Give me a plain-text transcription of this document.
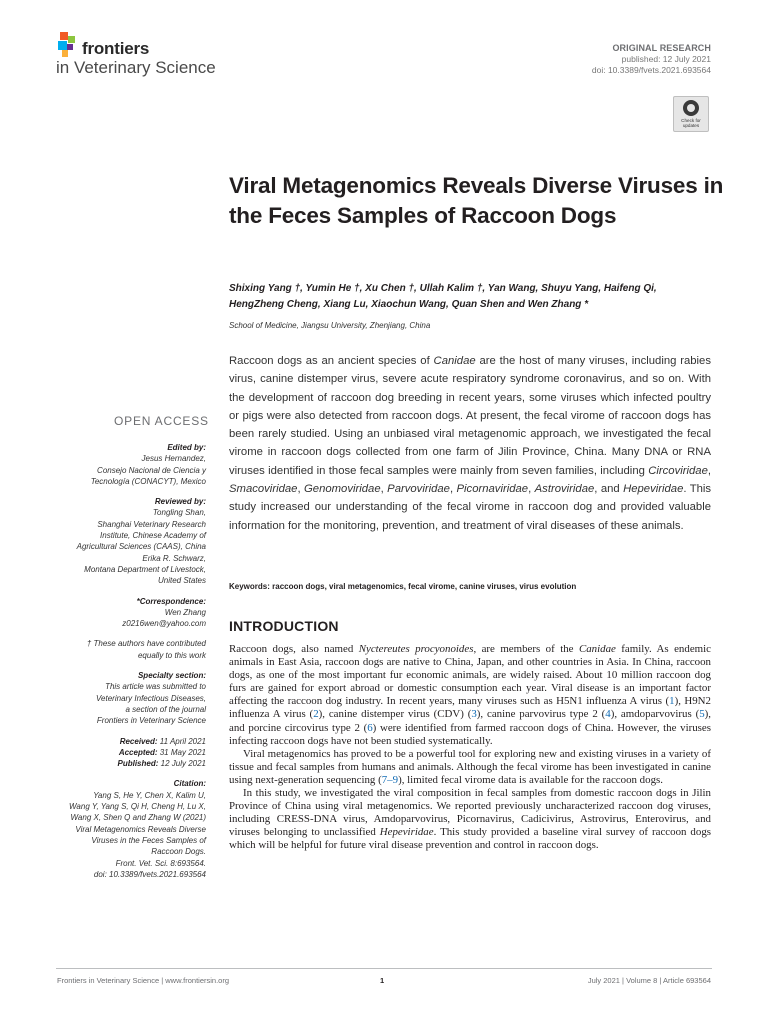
frontiers
in Veterinary Science
ORIGINAL RESEARCH
published: 12 July 2021
doi: 10.3389/fvets.2021.693564
Check for
updates
Viral Metagenomics Reveals Diverse Viruses in the Feces Samples of Raccoon Dogs
Shixing Yang †, Yumin He †, Xu Chen †, Ullah Kalim †, Yan Wang, Shuyu Yang, Haifeng Qi,
HengZheng Cheng, Xiang Lu, Xiaochun Wang, Quan Shen and Wen Zhang *
School of Medicine, Jiangsu University, Zhenjiang, China
Raccoon dogs as an ancient species of Canidae are the host of many viruses, including rabies virus, canine distemper virus, severe acute respiratory syndrome coronavirus, and so on. With the development of raccoon dog breeding in recent years, some viruses which infected poultry or pigs were also detected from raccoon dogs. At present, the fecal virome of raccoon dogs has been rarely studied. Using an unbiased viral metagenomic approach, we investigated the fecal virome in raccoon dogs collected from one farm of Jilin Province, China. Many DNA or RNA viruses identified in those fecal samples were mainly from seven families, including Circoviridae, Smacoviridae, Genomoviridae, Parvoviridae, Picornaviridae, Astroviridae, and Hepeviridae. This study increased our understanding of the fecal virome in raccoon dog and provided valuable information for the monitoring, prevention, and treatment of viral diseases of these animals.
Keywords: raccoon dogs, viral metagenomics, fecal virome, canine viruses, virus evolution
INTRODUCTION

Raccoon dogs, also named Nyctereutes procyonoides, are members of the Canidae family. As endemic animals in East Asia, raccoon dogs are native to China, Japan, and other countries in Asia. In China, raccoon dogs, as one of the most important fur economic animals, are widely raised. About 10 million raccoon dog furs are gained for export abroad or domestic consumption each year. Viral disease is an important factor affecting the raccoon dog industry. In recent years, many viruses such as H5N1 influenza A virus (1), H9N2 influenza A virus (2), canine distemper virus (CDV) (3), canine parvovirus type 2 (4), amdoparvovirus (5), and porcine circovirus type 2 (6) were identified from farmed raccoon dogs of China. However, the viruses infecting raccoon dogs have not been studied systematically.

Viral metagenomics has proved to be a powerful tool for exploring new and existing viruses in a variety of tissue and fecal samples from humans and animals. Although the fecal virome has been investigated in canine using next-generation sequencing (7–9), limited fecal virome data is available for the raccoon dogs.

In this study, we investigated the viral composition in fecal samples from domestic raccoon dogs in Jilin Province of China using viral metagenomics. We reported previously uncharacterized raccoon dog viruses, including CRESS-DNA virus, Amdoparvovirus, Picornavirus, Cadicivirus, Astrovirus, Enterovirus, and viruses belonging to unclassified Hepeviridae. This study provided a baseline viral survey of raccoon dogs which will be helpful for future viral disease prevention and control in raccoon dogs.

OPEN ACCESS
Edited by:
Jesus Hernandez,
Consejo Nacional de Ciencia y
Tecnología (CONACYT), Mexico
Reviewed by:
Tongling Shan,
Shanghai Veterinary Research
Institute, Chinese Academy of
Agricultural Sciences (CAAS), China
Erika R. Schwarz,
Montana Department of Livestock,
United States
*Correspondence:
Wen Zhang
z0216wen@yahoo.com
† These authors have contributed
equally to this work
Specialty section:
This article was submitted to
Veterinary Infectious Diseases,
a section of the journal
Frontiers in Veterinary Science
Received: 11 April 2021
Accepted: 31 May 2021
Published: 12 July 2021
Citation:
Yang S, He Y, Chen X, Kalim U,
Wang Y, Yang S, Qi H, Cheng H, Lu X,
Wang X, Shen Q and Zhang W (2021)
Viral Metagenomics Reveals Diverse
Viruses in the Feces Samples of
Raccoon Dogs.
Front. Vet. Sci. 8:693564.
doi: 10.3389/fvets.2021.693564
Frontiers in Veterinary Science | www.frontiersin.org	1	July 2021 | Volume 8 | Article 693564
